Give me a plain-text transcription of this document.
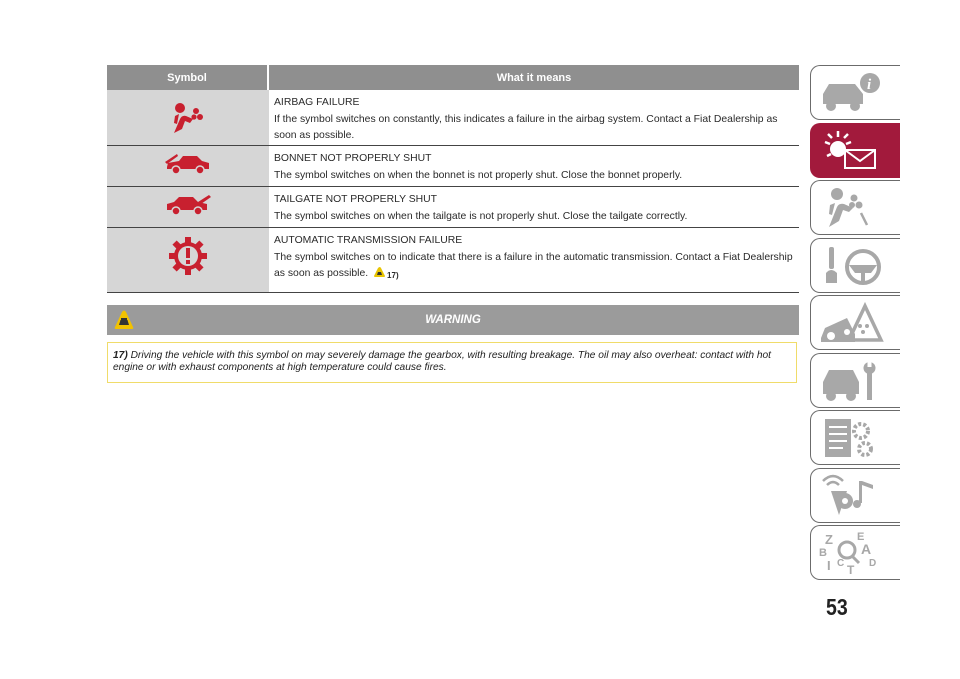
Symbol	What it means
AIRBAG FAILURE
If the symbol switches on constantly, this indicates a failure in the airbag system. Contact a Fiat Dealership as soon as possible.
BONNET NOT PROPERLY SHUT
The symbol switches on when the bonnet is not properly shut. Close the bonnet properly.
TAILGATE NOT PROPERLY SHUT
The symbol switches on when the tailgate is not properly shut. Close the tailgate correctly.
AUTOMATIC TRANSMISSION FAILURE
The symbol switches on to indicate that there is a failure in the automatic transmission. Contact a Fiat Dealership as soon as possible. 17)
WARNING
17) Driving the vehicle with this symbol on may severely damage the gearbox, with resulting breakage. The oil may also overheat: contact with hot engine or with exhaust components at high temperature could cause fires.
i
Z E
A
B
I C T D
53
